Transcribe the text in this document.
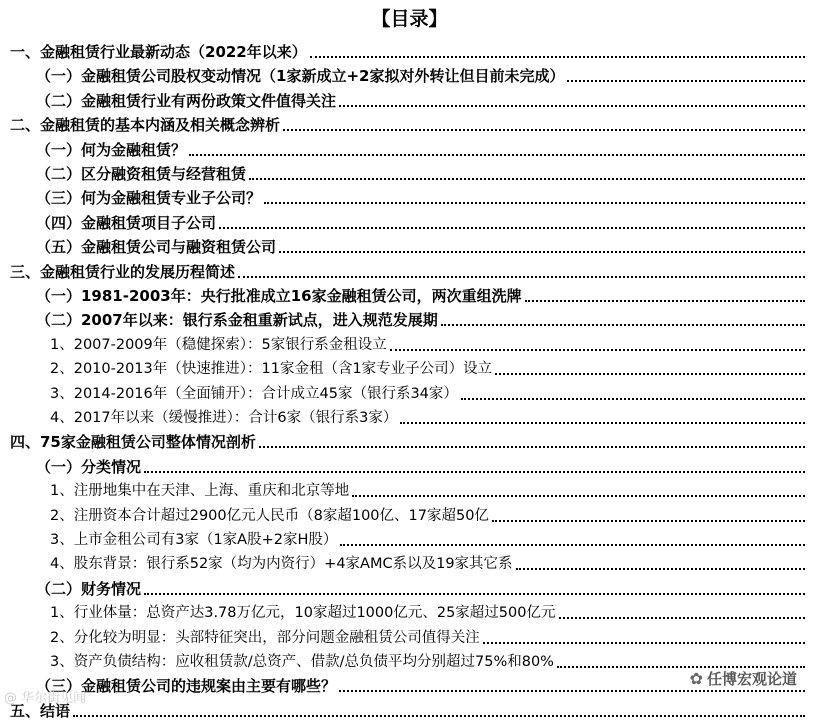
【目录】
一、金融租赁行业最新动态（2022年以来）
（一）金融租赁公司股权变动情况（1家新成立+2家拟对外转让但目前未完成）
（二）金融租赁行业有两份政策文件值得关注
二、金融租赁的基本内涵及相关概念辨析
（一）何为金融租赁？
（二）区分融资租赁与经营租赁
（三）何为金融租赁专业子公司？
（四）金融租赁项目子公司
（五）金融租赁公司与融资租赁公司
三、金融租赁行业的发展历程简述
（一）1981-2003年：央行批准成立16家金融租赁公司，两次重组洗牌
（二）2007年以来：银行系金租重新试点，进入规范发展期
1、2007-2009年（稳健探索）：5家银行系金租设立
2、2010-2013年（快速推进）：11家金租（含1家专业子公司）设立
3、2014-2016年（全面铺开）：合计成立45家（银行系34家）
4、2017年以来（缓慢推进）：合计6家（银行系3家）
四、75家金融租赁公司整体情况剖析
（一）分类情况
1、注册地集中在天津、上海、重庆和北京等地
2、注册资本合计超过2900亿元人民币（8家超100亿、17家超50亿
3、上市金租公司有3家（1家A股+2家H股）
4、股东背景：银行系52家（均为内资行）+4家AMC系以及19家其它系
（二）财务情况
1、行业体量：总资产达3.78万亿元，10家超过1000亿元、25家超过500亿元
2、分化较为明显：头部特征突出，部分问题金融租赁公司值得关注
3、资产负债结构：应收租赁款/总资产、借款/总负债平均分别超过75%和80%
（三）金融租赁公司的违规案由主要有哪些？
五、结语
@ 华尔街见闻
✿ 任博宏观论道
